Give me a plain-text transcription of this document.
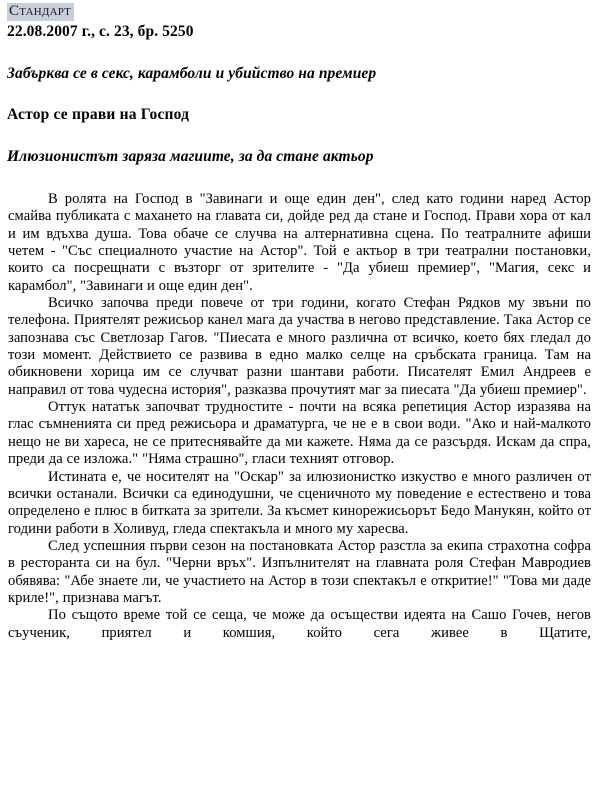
Стандарт
22.08.2007 г., с. 23, бр. 5250
Забърква се в секс, карамболи и убийство на премиер
Астор се прави на Господ
Илюзионистът заряза магиите, за да стане актьор

В ролята на Господ в "Завинаги и още един ден", след като години наред Астор смайва публиката с махането на главата си, дойде ред да стане и Господ. Прави хора от кал и им вдъхва душа. Това обаче се случва на алтернативна сцена. По театралните афиши четем - "Със специалното участие на Астор". Той е актьор в три театрални постановки, които са посрещнати с възторг от зрителите - "Да убиеш премиер", "Магия, секс и карамбол", "Завинаги и още един ден".

Всичко започва преди повече от три години, когато Стефан Рядков му звъни по телефона. Приятелят режисьор канел мага да участва в негово представление. Така Астор се запознава със Светлозар Гагов. "Пиесата е много различна от всичко, което бях гледал до този момент. Действието се развива в едно малко селце на сръбската граница. Там на обикновени хорица им се случват разни шантави работи. Писателят Емил Андреев е направил от това чудесна история", разказва прочутият маг за пиесата "Да убиеш премиер".

Оттук нататък започват трудностите - почти на всяка репетиция Астор изразява на глас съмненията си пред режисьора и драматурга, че не е в свои води. "Ако и най-малкото нещо не ви хареса, не се притеснявайте да ми кажете. Няма да се разсърдя. Искам да спра, преди да се изложа." "Няма страшно", гласи техният отговор.

Истината е, че носителят на "Оскар" за илюзионистко изкуство е много различен от всички останали. Всички са единодушни, че сценичното му поведение е естествено и това определено е плюс в битката за зрители. За късмет кинорежисьорът Бедо Манукян, който от години работи в Холивуд, гледа спектакъла и много му харесва.

След успешния първи сезон на постановката Астор разстла за екипа страхотна софра в ресторанта си на бул. "Черни връх". Изпълнителят на главната роля Стефан Мавродиев обявява: "Абе знаете ли, че участието на Астор в този спектакъл е откритие!" "Това ми даде криле!", признава магът.

По същото време той се сеща, че може да осъществи идеята на Сашо Гочев, негов съученик, приятел и комшия, който сега живее в Щатите,
